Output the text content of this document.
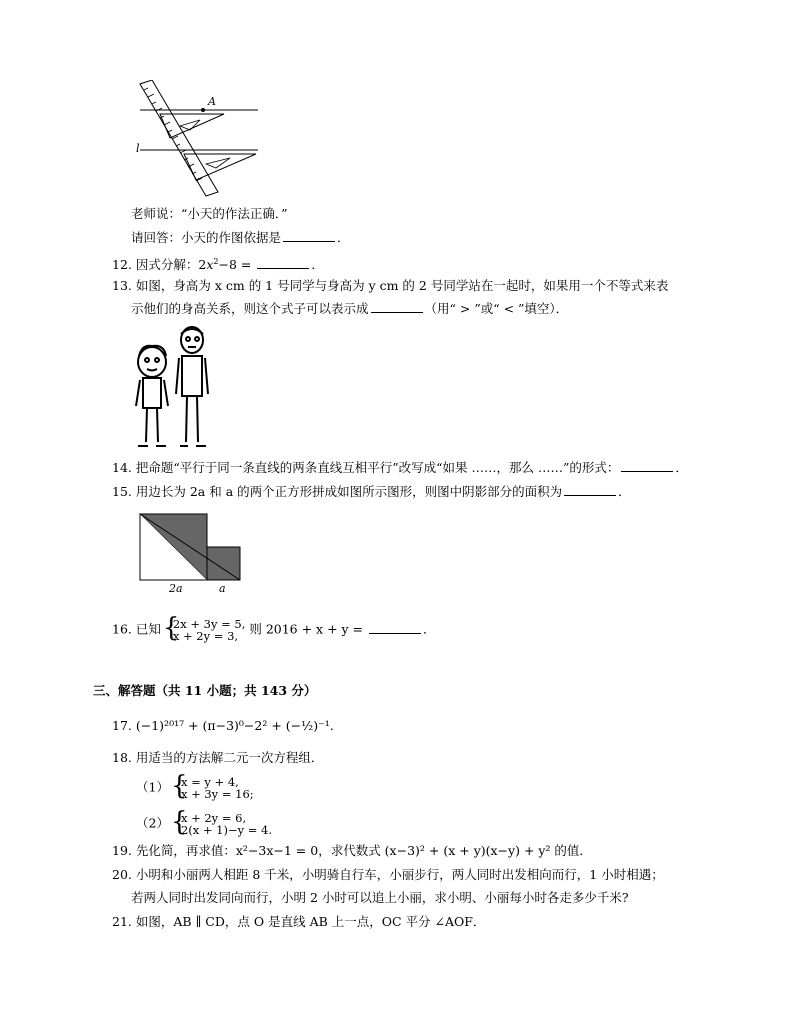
A
l
老师说：“小天的作法正确．”
请回答：小天的作图依据是	．
12. 因式分解：$2x^2-8$ =	．
13. 如图，身高为 x cm 的 1 号同学与身高为 y cm 的 2 号同学站在一起时，如果用一个不等式来表
示他们的身高关系，则这个式子可以表示成	（用“ > ”或“ < ”填空）．
14. 把命题“平行于同一条直线的两条直线互相平行”改写成“如果 ……，那么 ……”的形式：	．
15. 用边长为 2a 和 a 的两个正方形拼成如图所示图形，则图中阴影部分的面积为	．
2a	a
16. 已知 { 2x + 3y = 5,
x + 2y = 3, 则 2016 + x + y =	．
三、解答题（共 11 小题；共 143 分）
17. (−1)²⁰¹⁷ + (π−3)⁰−2² + (−½)⁻¹.
18. 用适当的方法解二元一次方程组．
（1） { x = y + 4,
x + 3y = 16;
（2） { x + 2y = 6,
2(x + 1)−y = 4.
19. 先化简，再求值：x²−3x−1 = 0，求代数式 (x−3)² + (x + y)(x−y) + y² 的值．
20. 小明和小丽两人相距 8 千米，小明骑自行车，小丽步行，两人同时出发相向而行，1 小时相遇；
若两人同时出发同向而行，小明 2 小时可以追上小丽，求小明、小丽每小时各走多少千米?
21. 如图，AB ∥ CD，点 O 是直线 AB 上一点，OC 平分 ∠AOF．
